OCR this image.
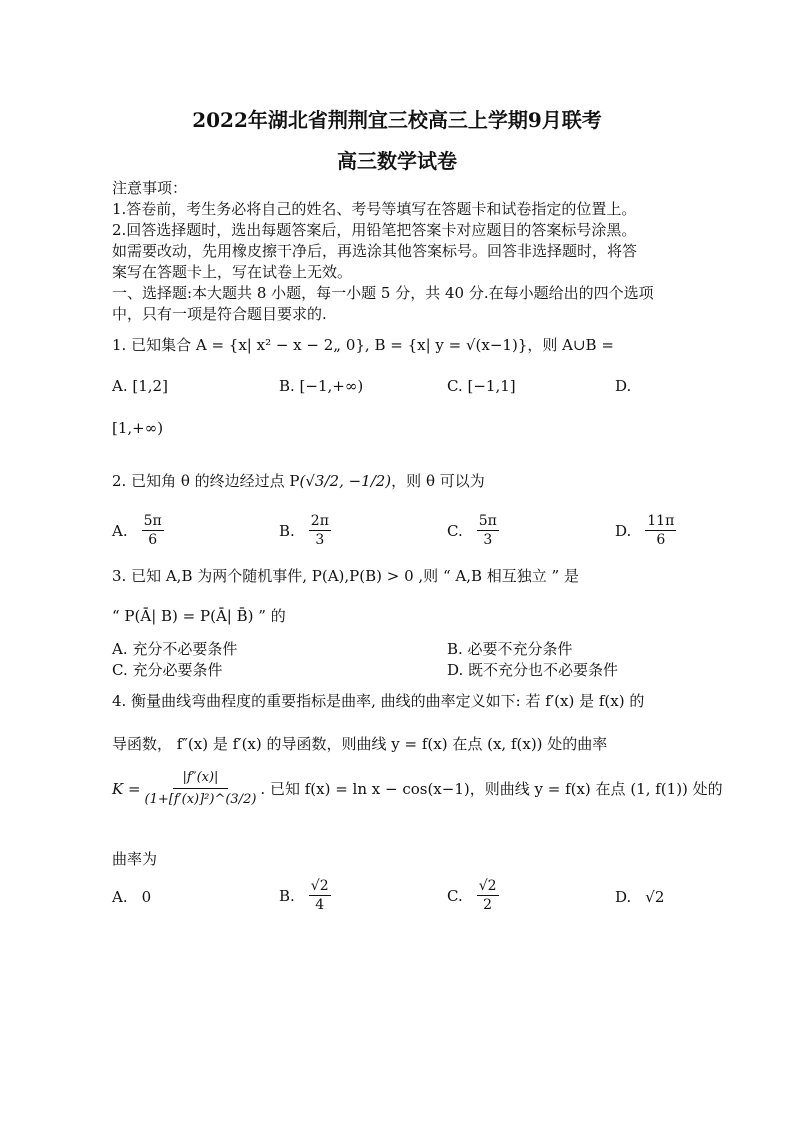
2022年湖北省荆荆宜三校高三上学期9月联考
高三数学试卷
注意事项：
1.答卷前，考生务必将自己的姓名、考号等填写在答题卡和试卷指定的位置上。
2.回答选择题时，选出每题答案后，用铅笔把答案卡对应题目的答案标号涂黑。
如需要改动，先用橡皮擦干净后，再选涂其他答案标号。回答非选择题时，将答
案写在答题卡上，写在试卷上无效。
一、选择题:本大题共 8 小题，每一小题 5 分，共 40 分.在每小题给出的四个选项
中，只有一项是符合题目要求的.
1. 已知集合 A = {x| x² − x − 2„ 0}, B = {x| y = √(x−1)}，则 A∪B =
A. [1,2]	B. [−1,+∞)	C. [−1,1]	D.
[1,+∞)
2. 已知角 θ 的终边经过点 P(√3/2, −1/2)，则 θ 可以为
A. $\frac{5\pi}{6}$	B. $\frac{2\pi}{3}$	C. $\frac{5\pi}{3}$	D. $\frac{11\pi}{6}$
3. 已知 A,B 为两个随机事件, P(A),P(B) > 0 ,则 “ A,B 相互独立 ” 是
“ P(Ā| B) = P(Ā| B̄) ” 的
A. 充分不必要条件	B. 必要不充分条件
C. 充分必要条件	D. 既不充分也不必要条件
4. 衡量曲线弯曲程度的重要指标是曲率, 曲线的曲率定义如下: 若 f′(x) 是 f(x) 的
导函数， f″(x) 是 f′(x) 的导函数，则曲线 y = f(x) 在点 (x, f(x)) 处的曲率
$K = \frac{|f''(x)|}{\text{(1+[f′(x)]²)\textasciicircum{}(3/2)}}$ . 已知 f(x) = ln x − cos(x−1)，则曲线 y = f(x) 在点 (1, f(1)) 处的
曲率为
A. 0	B. $\frac{√2}{4}$	C. $\frac{√2}{2}$	D. √2
